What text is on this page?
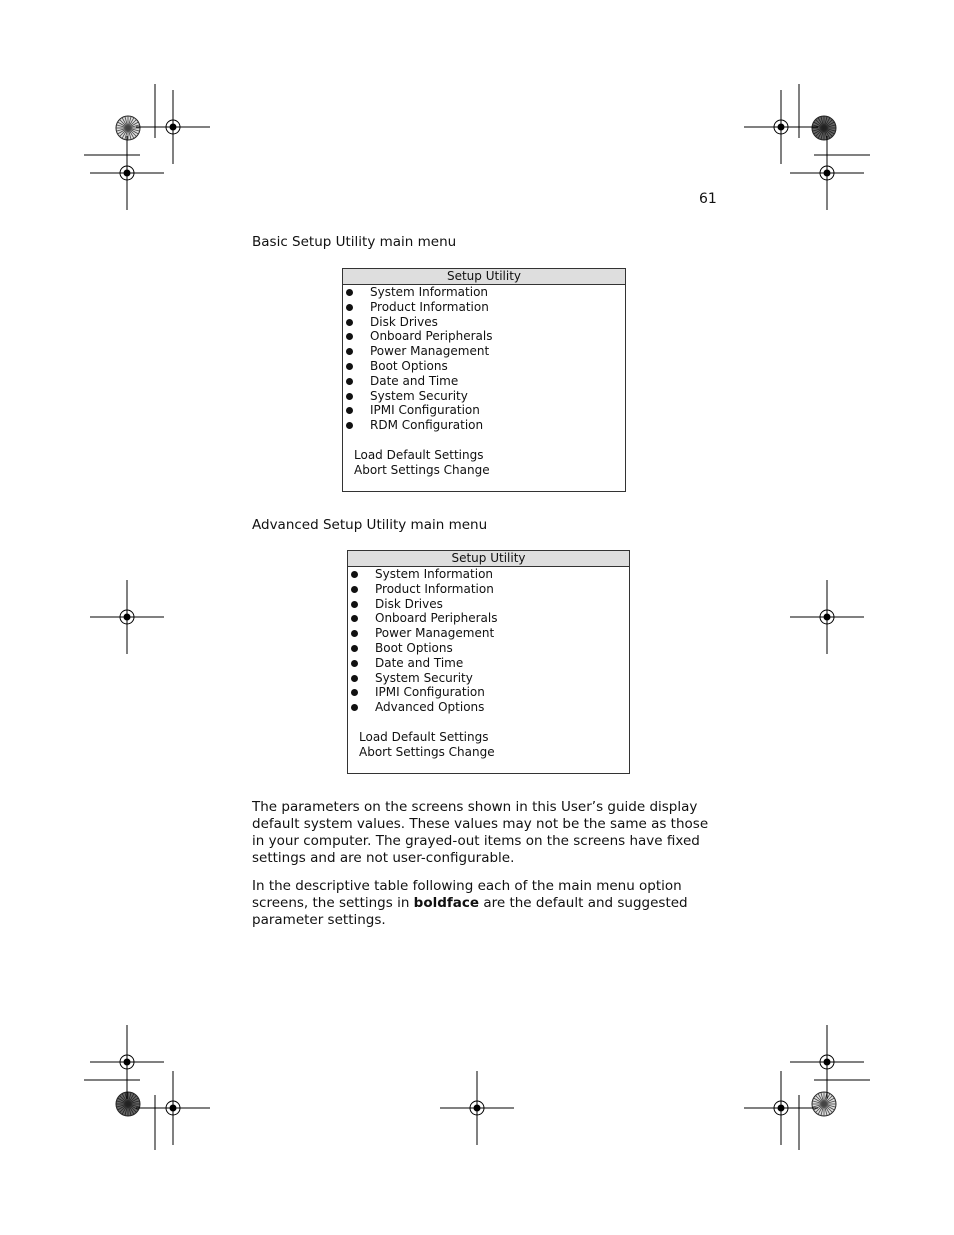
61
Basic Setup Utility main menu
Setup Utility
System Information
Product Information
Disk Drives
Onboard Peripherals
Power Management
Boot Options
Date and Time
System Security
IPMI Configuration
RDM Configuration
Load Default Settings
Abort Settings Change
Advanced Setup Utility main menu
Setup Utility
System Information
Product Information
Disk Drives
Onboard Peripherals
Power Management
Boot Options
Date and Time
System Security
IPMI Configuration
Advanced Options
Load Default Settings
Abort Settings Change

The parameters on the screens shown in this User’s guide display default system values. These values may not be the same as those in your computer. The grayed-out items on the screens have fixed settings and are not user-configurable.

In the descriptive table following each of the main menu option screens, the settings in boldface are the default and suggested parameter settings.
